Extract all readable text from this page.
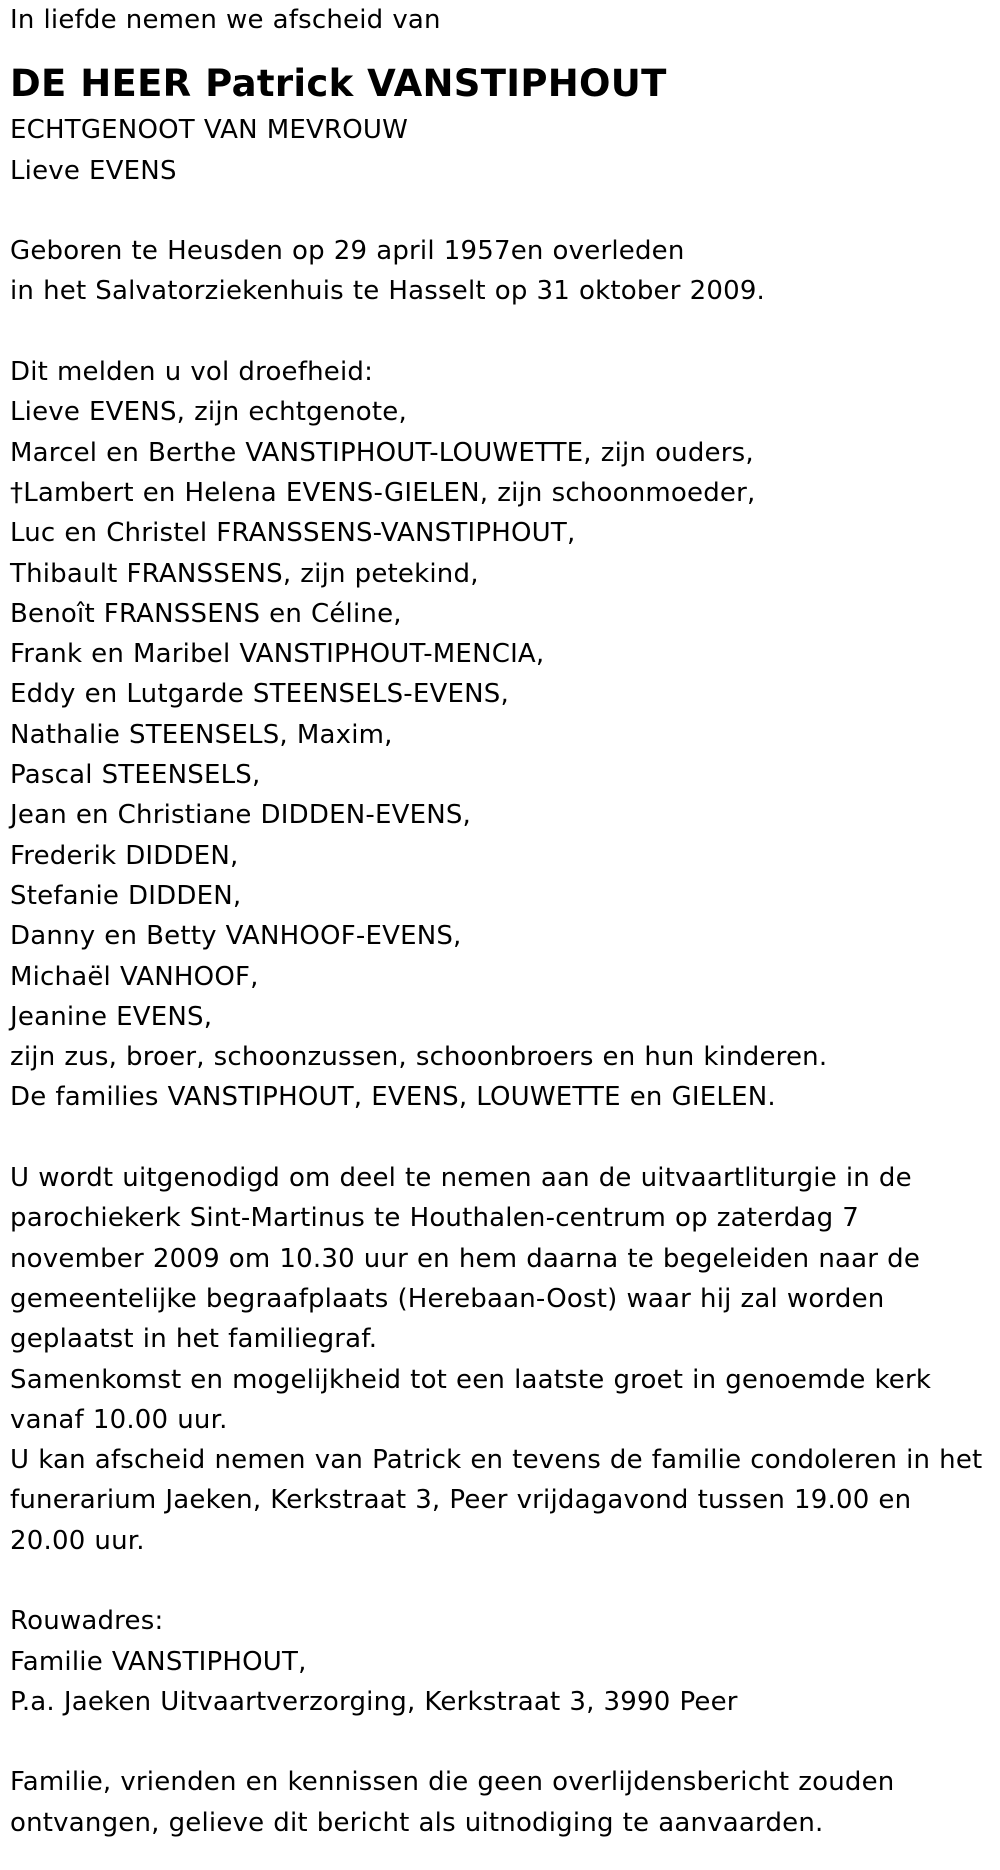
In liefde nemen we afscheid van
DE HEER Patrick VANSTIPHOUT
ECHTGENOOT VAN MEVROUW
Lieve EVENS
Geboren te Heusden op 29 april 1957en overleden
in het Salvatorziekenhuis te Hasselt op 31 oktober 2009.
Dit melden u vol droefheid:
Lieve EVENS, zijn echtgenote,
Marcel en Berthe VANSTIPHOUT-LOUWETTE, zijn ouders,
†Lambert en Helena EVENS-GIELEN, zijn schoonmoeder,
Luc en Christel FRANSSENS-VANSTIPHOUT,
Thibault FRANSSENS, zijn petekind,
Benoît FRANSSENS en Céline,
Frank en Maribel VANSTIPHOUT-MENCIA,
Eddy en Lutgarde STEENSELS-EVENS,
Nathalie STEENSELS, Maxim,
Pascal STEENSELS,
Jean en Christiane DIDDEN-EVENS,
Frederik DIDDEN,
Stefanie DIDDEN,
Danny en Betty VANHOOF-EVENS,
Michaël VANHOOF,
Jeanine EVENS,
zijn zus, broer, schoonzussen, schoonbroers en hun kinderen.
De families VANSTIPHOUT, EVENS, LOUWETTE en GIELEN.
U wordt uitgenodigd om deel te nemen aan de uitvaartliturgie in de
parochiekerk Sint-Martinus te Houthalen-centrum op zaterdag 7
november 2009 om 10.30 uur en hem daarna te begeleiden naar de
gemeentelijke begraafplaats (Herebaan-Oost) waar hij zal worden
geplaatst in het familiegraf.
Samenkomst en mogelijkheid tot een laatste groet in genoemde kerk
vanaf 10.00 uur.
U kan afscheid nemen van Patrick en tevens de familie condoleren in het
funerarium Jaeken, Kerkstraat 3, Peer vrijdagavond tussen 19.00 en
20.00 uur.
Rouwadres:
Familie VANSTIPHOUT,
P.a. Jaeken Uitvaartverzorging, Kerkstraat 3, 3990 Peer
Familie, vrienden en kennissen die geen overlijdensbericht zouden
ontvangen, gelieve dit bericht als uitnodiging te aanvaarden.
